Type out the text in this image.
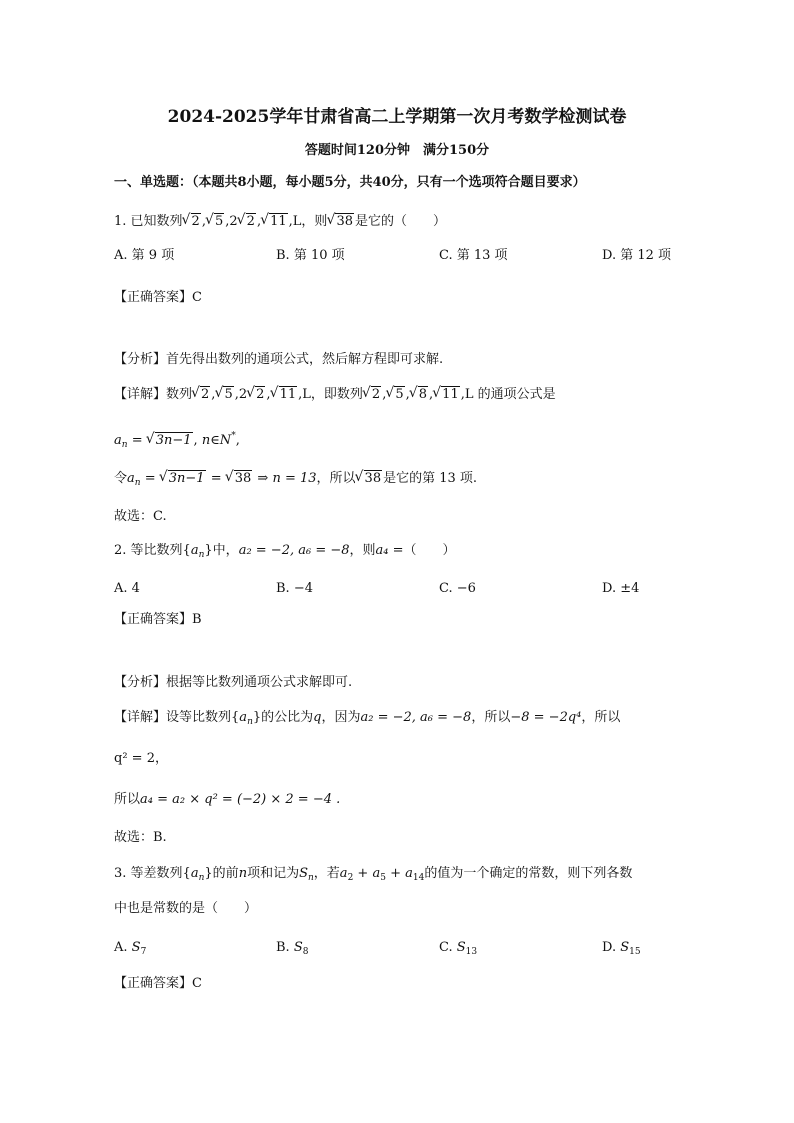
2024-2025学年甘肃省高二上学期第一次月考数学检测试卷
答题时间120分钟　满分150分
一、单选题：（本题共8小题，每小题5分，共40分，只有一个选项符合题目要求）
1. 已知数列 √ 2 , √ 5 ,2 √ 2 , √ 11 ,L，则 √ 38 是它的（　　）
A. 第 9 项	B. 第 10 项	C. 第 13 项	D. 第 12 项
【正确答案】C
【分析】首先得出数列的通项公式，然后解方程即可求解.
【详解】数列 √ 2 , √ 5 ,2 √ 2 , √ 11 ,L，即数列 √ 2 , √ 5 , √ 8 , √ 11 ,L 的通项公式是
$a_n$ = √ 3n−1 , n∈N*,
令$a_n$ = √ 3n−1 = √ 38 ⇒ n = 13，所以 √ 38 是它的第 13 项.
故选：C.
2. 等比数列$\{a_n\}$中，a₂ = −2, a₆ = −8，则a₄ =（　　）
A. 4	B. −4	C. −6	D. ±4
【正确答案】B
【分析】根据等比数列通项公式求解即可.
【详解】设等比数列$\{a_n\}$的公比为q，因为a₂ = −2, a₆ = −8，所以−8 = −2q⁴，所以
q² = 2，
所以a₄ = a₂ × q² = (−2) × 2 = −4 .
故选：B.
3. 等差数列$\{a_n\}$的前n项和记为$S_n$，若$a_2 + a_5 + a_{14}$的值为一个确定的常数，则下列各数
中也是常数的是（　　）
A. $S_7$	B. $S_8$	C. $S_{13}$	D. $S_{15}$
【正确答案】C
